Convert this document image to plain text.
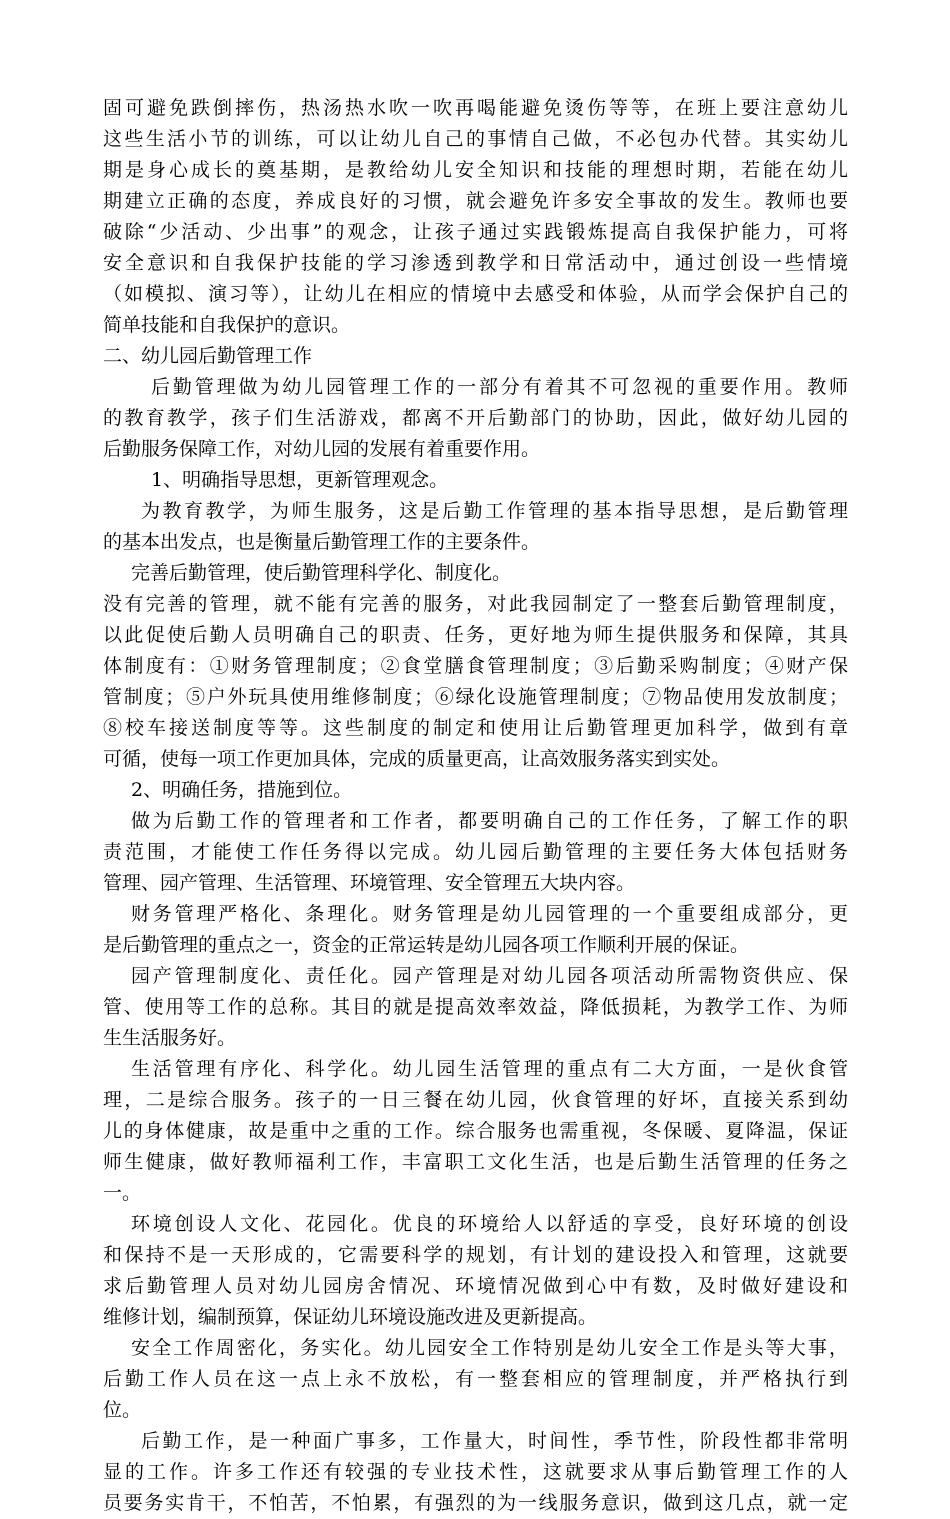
固可避免跌倒摔伤，热汤热水吹一吹再喝能避免烫伤等等，在班上要注意幼儿
这些生活小节的训练，可以让幼儿自己的事情自己做，不必包办代替。其实幼儿
期是身心成长的奠基期，是教给幼儿安全知识和技能的理想时期，若能在幼儿
期建立正确的态度，养成良好的习惯，就会避免许多安全事故的发生。教师也要
破除“少活动、少出事”的观念，让孩子通过实践锻炼提高自我保护能力，可将
安全意识和自我保护技能的学习渗透到教学和日常活动中，通过创设一些情境
（如模拟、演习等），让幼儿在相应的情境中去感受和体验，从而学会保护自己的
简单技能和自我保护的意识。
二、幼儿园后勤管理工作
后勤管理做为幼儿园管理工作的一部分有着其不可忽视的重要作用。教师
的教育教学，孩子们生活游戏，都离不开后勤部门的协助，因此，做好幼儿园的
后勤服务保障工作，对幼儿园的发展有着重要作用。
1、明确指导思想，更新管理观念。
为教育教学，为师生服务，这是后勤工作管理的基本指导思想，是后勤管理
的基本出发点，也是衡量后勤管理工作的主要条件。
完善后勤管理，使后勤管理科学化、制度化。
没有完善的管理，就不能有完善的服务，对此我园制定了一整套后勤管理制度，
以此促使后勤人员明确自己的职责、任务，更好地为师生提供服务和保障，其具
体制度有：①财务管理制度；②食堂膳食管理制度；③后勤采购制度；④财产保
管制度；⑤户外玩具使用维修制度；⑥绿化设施管理制度；⑦物品使用发放制度；
⑧校车接送制度等等。这些制度的制定和使用让后勤管理更加科学，做到有章
可循，使每一项工作更加具体，完成的质量更高，让高效服务落实到实处。
2、明确任务，措施到位。
做为后勤工作的管理者和工作者，都要明确自己的工作任务，了解工作的职
责范围，才能使工作任务得以完成。幼儿园后勤管理的主要任务大体包括财务
管理、园产管理、生活管理、环境管理、安全管理五大块内容。
财务管理严格化、条理化。财务管理是幼儿园管理的一个重要组成部分，更
是后勤管理的重点之一，资金的正常运转是幼儿园各项工作顺利开展的保证。
园产管理制度化、责任化。园产管理是对幼儿园各项活动所需物资供应、保
管、使用等工作的总称。其目的就是提高效率效益，降低损耗，为教学工作、为师
生生活服务好。
生活管理有序化、科学化。幼儿园生活管理的重点有二大方面，一是伙食管
理，二是综合服务。孩子的一日三餐在幼儿园，伙食管理的好坏，直接关系到幼
儿的身体健康，故是重中之重的工作。综合服务也需重视，冬保暖、夏降温，保证
师生健康，做好教师福利工作，丰富职工文化生活，也是后勤生活管理的任务之
一。
环境创设人文化、花园化。优良的环境给人以舒适的享受，良好环境的创设
和保持不是一天形成的，它需要科学的规划，有计划的建设投入和管理，这就要
求后勤管理人员对幼儿园房舍情况、环境情况做到心中有数，及时做好建设和
维修计划，编制预算，保证幼儿环境设施改进及更新提高。
安全工作周密化，务实化。幼儿园安全工作特别是幼儿安全工作是头等大事，
后勤工作人员在这一点上永不放松，有一整套相应的管理制度，并严格执行到
位。
后勤工作，是一种面广事多，工作量大，时间性，季节性，阶段性都非常明
显的工作。许多工作还有较强的专业技术性，这就要求从事后勤管理工作的人
员要务实肯干，不怕苦，不怕累，有强烈的为一线服务意识，做到这几点，就一定
